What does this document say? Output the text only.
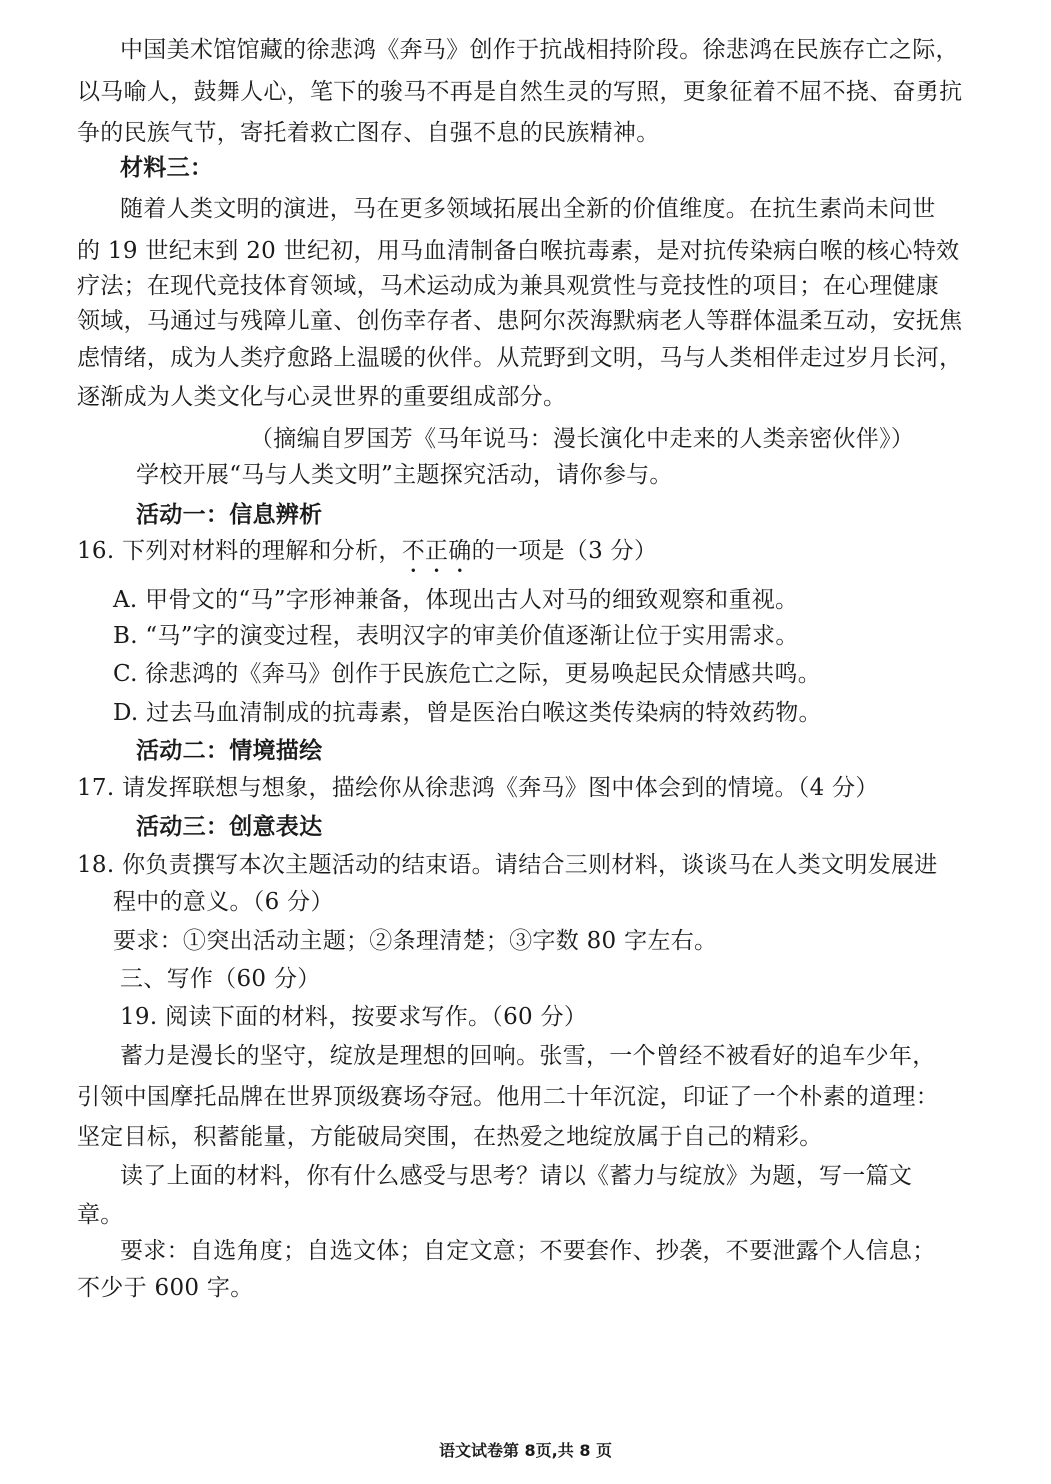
中国美术馆馆藏的徐悲鸿《奔马》创作于抗战相持阶段。徐悲鸿在民族存亡之际，
以马喻人，鼓舞人心，笔下的骏马不再是自然生灵的写照，更象征着不屈不挠、奋勇抗
争的民族气节，寄托着救亡图存、自强不息的民族精神。
材料三：
随着人类文明的演进，马在更多领域拓展出全新的价值维度。在抗生素尚未问世
的 19 世纪末到 20 世纪初，用马血清制备白喉抗毒素，是对抗传染病白喉的核心特效
疗法；在现代竞技体育领域，马术运动成为兼具观赏性与竞技性的项目；在心理健康
领域，马通过与残障儿童、创伤幸存者、患阿尔茨海默病老人等群体温柔互动，安抚焦
虑情绪，成为人类疗愈路上温暖的伙伴。从荒野到文明，马与人类相伴走过岁月长河，
逐渐成为人类文化与心灵世界的重要组成部分。
（摘编自罗国芳《马年说马：漫长演化中走来的人类亲密伙伴》）
学校开展“马与人类文明”主题探究活动，请你参与。
活动一：信息辨析
16. 下列对材料的理解和分析，不正确的一项是（3 分）
A. 甲骨文的“马”字形神兼备，体现出古人对马的细致观察和重视。
B. “马”字的演变过程，表明汉字的审美价值逐渐让位于实用需求。
C. 徐悲鸿的《奔马》创作于民族危亡之际，更易唤起民众情感共鸣。
D. 过去马血清制成的抗毒素，曾是医治白喉这类传染病的特效药物。
活动二：情境描绘
17. 请发挥联想与想象，描绘你从徐悲鸿《奔马》图中体会到的情境。（4 分）
活动三：创意表达
18. 你负责撰写本次主题活动的结束语。请结合三则材料，谈谈马在人类文明发展进
程中的意义。（6 分）
要求：①突出活动主题；②条理清楚；③字数 80 字左右。
三、写作（60 分）
19. 阅读下面的材料，按要求写作。（60 分）
蓄力是漫长的坚守，绽放是理想的回响。张雪，一个曾经不被看好的追车少年，
引领中国摩托品牌在世界顶级赛场夺冠。他用二十年沉淀，印证了一个朴素的道理：
坚定目标，积蓄能量，方能破局突围，在热爱之地绽放属于自己的精彩。
读了上面的材料，你有什么感受与思考？请以《蓄力与绽放》为题，写一篇文
章。
要求：自选角度；自选文体；自定文意；不要套作、抄袭，不要泄露个人信息；
不少于 600 字。
语文试卷第 8页,共 8 页
